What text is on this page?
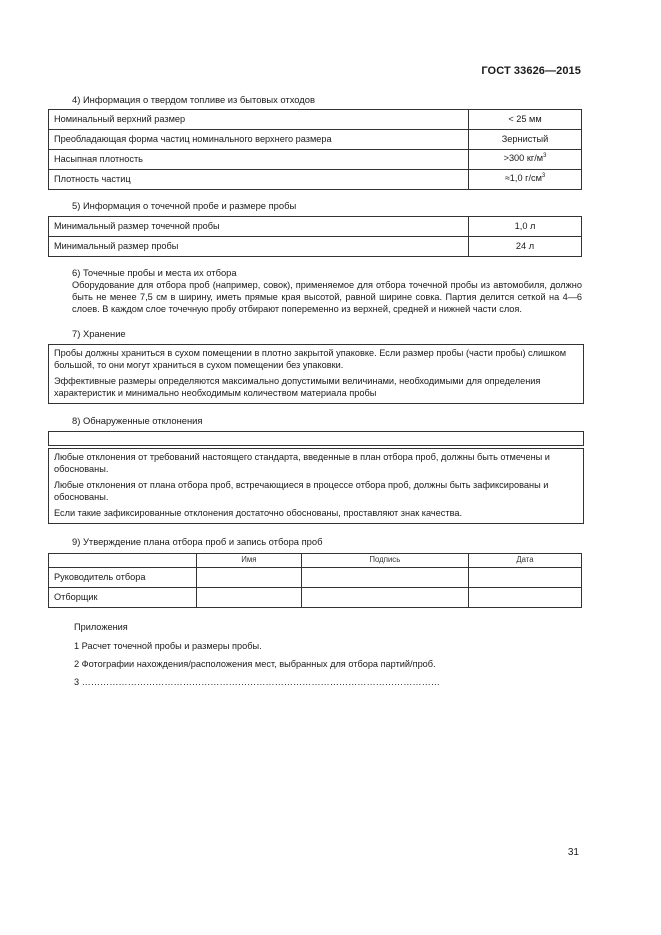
ГОСТ 33626—2015
4) Информация о твердом топливе из бытовых отходов
Номинальный верхний размер	< 25 мм
Преобладающая форма частиц номинального верхнего размера	Зернистый
Насыпная плотность	>300 $кг/м^3$
Плотность частиц	≈1,0 $г/см^3$
5) Информация о точечной пробе и размере пробы
Минимальный размер точечной пробы	1,0 л
Минимальный размер пробы	24 л
6) Точечные пробы и места их отбора
Оборудование для отбора проб (например, совок), применяемое для отбора точечной пробы из автомобиля, должно быть не менее 7,5 см в ширину, иметь прямые края высотой, равной ширине совка. Партия делится сеткой на 4—6 слоев. В каждом слое точечную пробу отбирают попеременно из верхней, средней и нижней части слоя.
7) Хранение

Пробы должны храниться в сухом помещении в плотно закрытой упаковке. Если размер пробы (части пробы) слишком большой, то они могут храниться в сухом помещении без упаковки.

Эффективные размеры определяются максимально допустимыми величинами, необходимыми для определения характеристик и минимально необходимым количеством материала пробы

8) Обнаруженные отклонения

Любые отклонения от требований настоящего стандарта, введенные в план отбора проб, должны быть отмечены и обоснованы.

Любые отклонения от плана отбора проб, встречающиеся в процессе отбора проб, должны быть зафиксированы и обоснованы.

Если такие зафиксированные отклонения достаточно обоснованы, проставляют знак качества.

9) Утверждение плана отбора проб и запись отбора проб
	Имя	Подпись	Дата
Руководитель отбора			
Отборщик			
Приложения
1 Расчет точечной пробы и размеры пробы.
2 Фотографии нахождения/расположения мест, выбранных для отбора партий/проб.
3 ………………………………………………………………………………………………………
31
